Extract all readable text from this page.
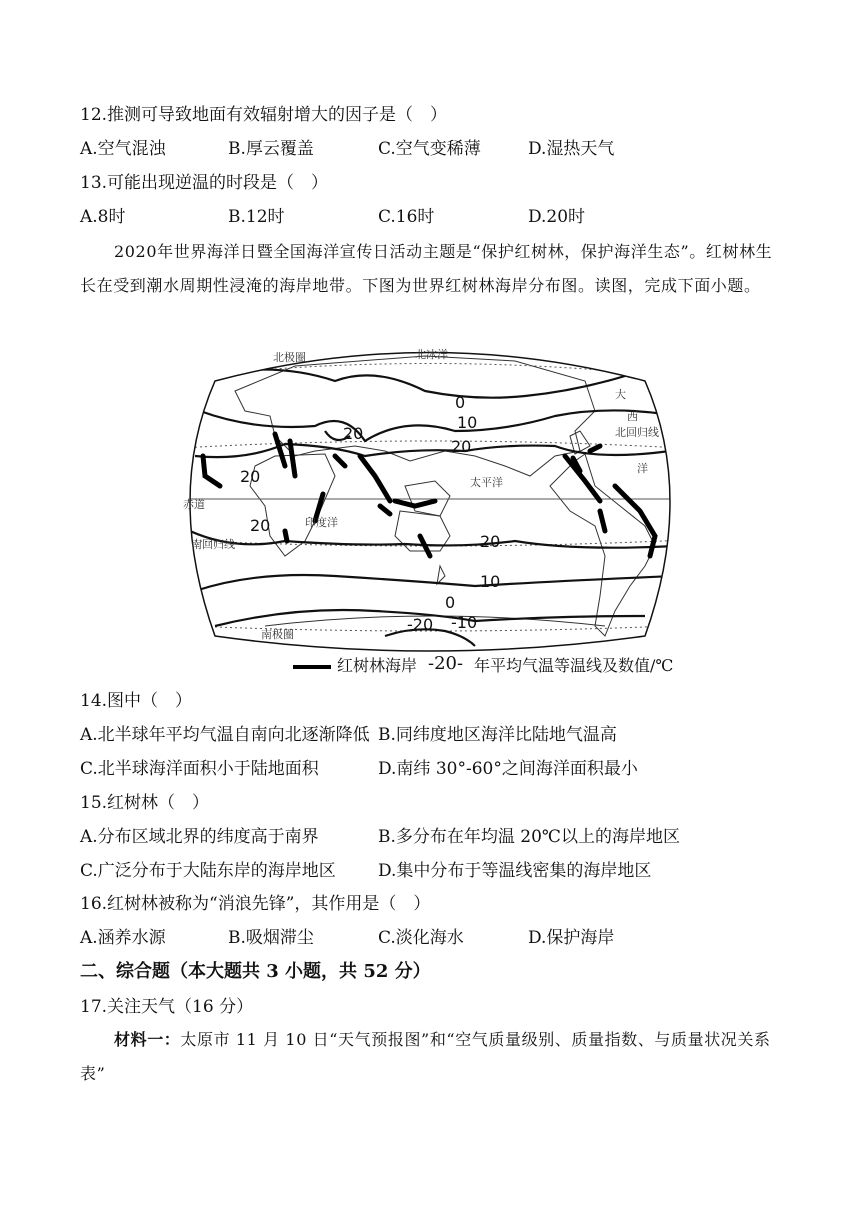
12.推测可导致地面有效辐射增大的因子是（　）
A.空气混浊	B.厚云覆盖	C.空气变稀薄	D.湿热天气
13.可能出现逆温的时段是（　）
A.8时	B.12时	C.16时	D.20时
2020年世界海洋日暨全国海洋宣传日活动主题是“保护红树林，保护海洋生态”。红树林生长在受到潮水周期性浸淹的海岸地带。下图为世界红树林海岸分布图。读图，完成下面小题。
北极圈	北冰洋
赤道
南回归线
北回归线
印度洋
太平洋
南极圈
大
西
洋
0
10
20
20
20
20
20
10
0
-20 -10
红树林海岸 -20- 年平均气温等温线及数值/℃
14.图中（　）
A.北半球年平均气温自南向北逐渐降低 B.同纬度地区海洋比陆地气温高
C.北半球海洋面积小于陆地面积	D.南纬 30°-60°之间海洋面积最小
15.红树林（　）
A.分布区域北界的纬度高于南界	B.多分布在年均温 20℃以上的海岸地区
C.广泛分布于大陆东岸的海岸地区 D.集中分布于等温线密集的海岸地区
16.红树林被称为“消浪先锋”，其作用是（　）
A.涵养水源	B.吸烟滞尘	C.淡化海水	D.保护海岸
二、综合题（本大题共 3 小题，共 52 分）
17.关注天气（16 分）
材料一：太原市 11 月 10 日“天气预报图”和“空气质量级别、质量指数、与质量状况关系表”
